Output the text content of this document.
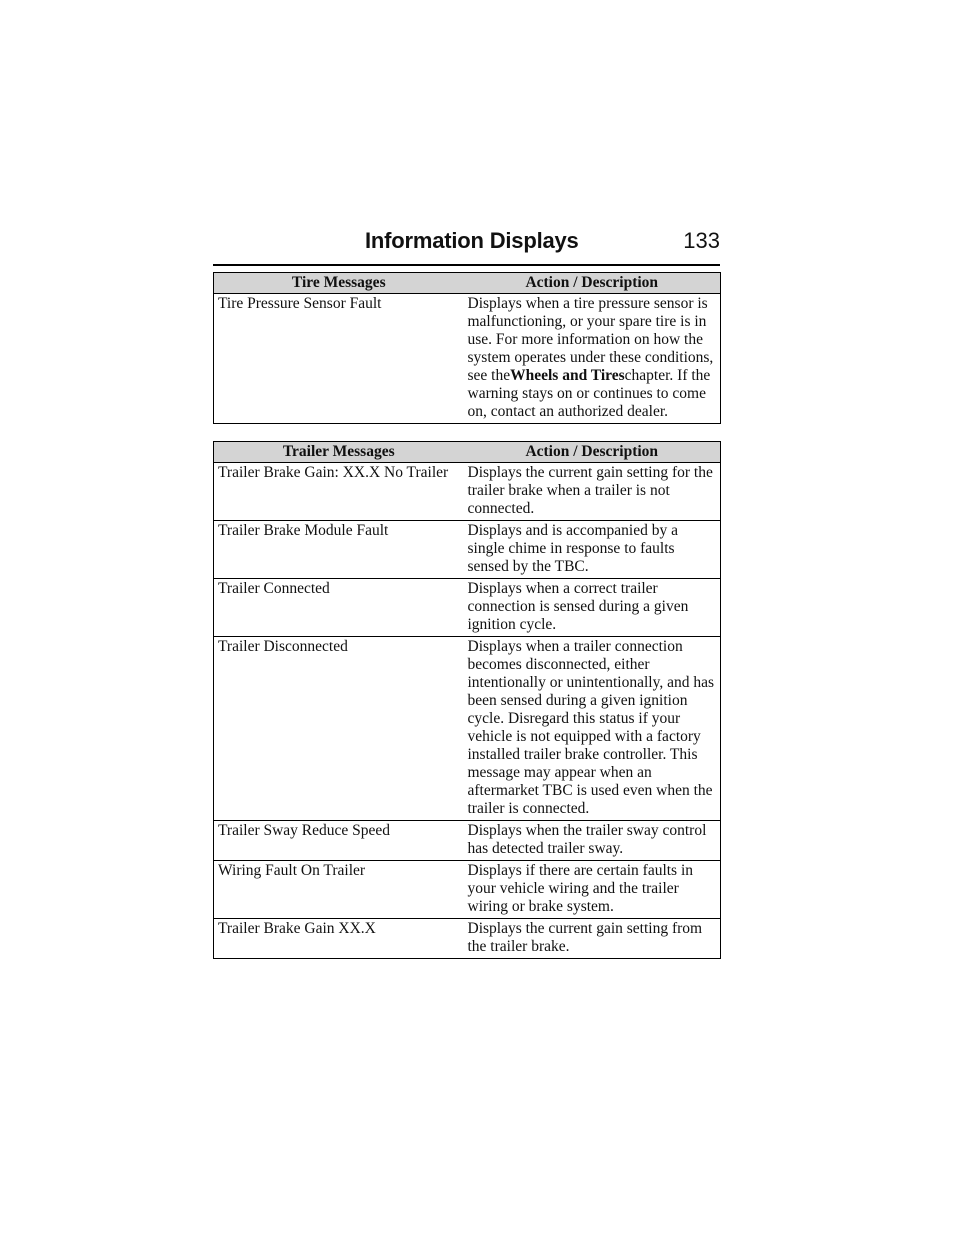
Information Displays	133
Tire Messages	Action / Description
Tire Pressure Sensor Fault	Displays when a tire pressure sensor is malfunctioning, or your spare tire is in use. For more information on how the system operates under these conditions, see theWheels and Tireschapter. If the warning stays on or continues to come on, contact an authorized dealer.
Trailer Messages	Action / Description
Trailer Brake Gain: XX.X No Trailer	Displays the current gain setting for the trailer brake when a trailer is not connected.
Trailer Brake Module Fault	Displays and is accompanied by a single chime in response to faults sensed by the TBC.
Trailer Connected	Displays when a correct trailer connection is sensed during a given ignition cycle.
Trailer Disconnected	Displays when a trailer connection becomes disconnected, either intentionally or unintentionally, and has been sensed during a given ignition cycle. Disregard this status if your vehicle is not equipped with a factory installed trailer brake controller. This message may appear when an aftermarket TBC is used even when the trailer is connected.
Trailer Sway Reduce Speed	Displays when the trailer sway control has detected trailer sway.
Wiring Fault On Trailer	Displays if there are certain faults in your vehicle wiring and the trailer wiring or brake system.
Trailer Brake Gain XX.X	Displays the current gain setting from the trailer brake.
